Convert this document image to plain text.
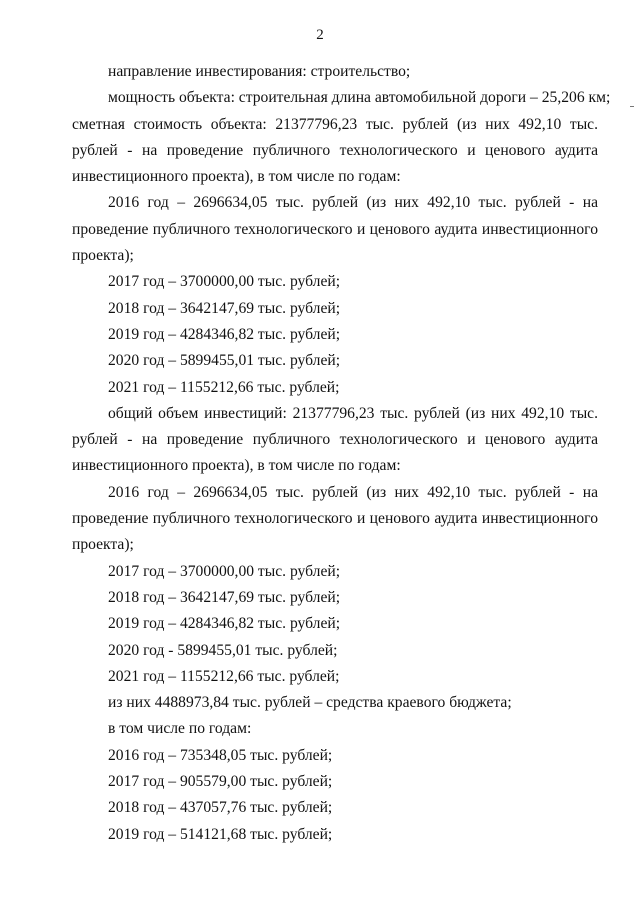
2

направление инвестирования: строительство;

мощность объекта: строительная длина автомобильной дороги – 25,206 км;

сметная стоимость объекта: 21377796,23 тыс. рублей (из них 492,10 тыс. рублей - на проведение публичного технологического и ценового аудита инвестиционного проекта), в том числе по годам:

2016 год – 2696634,05 тыс. рублей (из них 492,10 тыс. рублей - на проведение публичного технологического и ценового аудита инвестиционного проекта);

2017 год – 3700000,00 тыс. рублей;

2018 год – 3642147,69 тыс. рублей;

2019 год – 4284346,82 тыс. рублей;

2020 год – 5899455,01 тыс. рублей;

2021 год – 1155212,66 тыс. рублей;

общий объем инвестиций: 21377796,23 тыс. рублей (из них 492,10 тыс. рублей - на проведение публичного технологического и ценового аудита инвестиционного проекта), в том числе по годам:

2016 год – 2696634,05 тыс. рублей (из них 492,10 тыс. рублей - на проведение публичного технологического и ценового аудита инвестиционного проекта);

2017 год – 3700000,00 тыс. рублей;

2018 год – 3642147,69 тыс. рублей;

2019 год – 4284346,82 тыс. рублей;

2020 год - 5899455,01 тыс. рублей;

2021 год – 1155212,66 тыс. рублей;

из них 4488973,84 тыс. рублей – средства краевого бюджета;

в том числе по годам:

2016 год – 735348,05 тыс. рублей;

2017 год – 905579,00 тыс. рублей;

2018 год – 437057,76 тыс. рублей;

2019 год – 514121,68 тыс. рублей;
